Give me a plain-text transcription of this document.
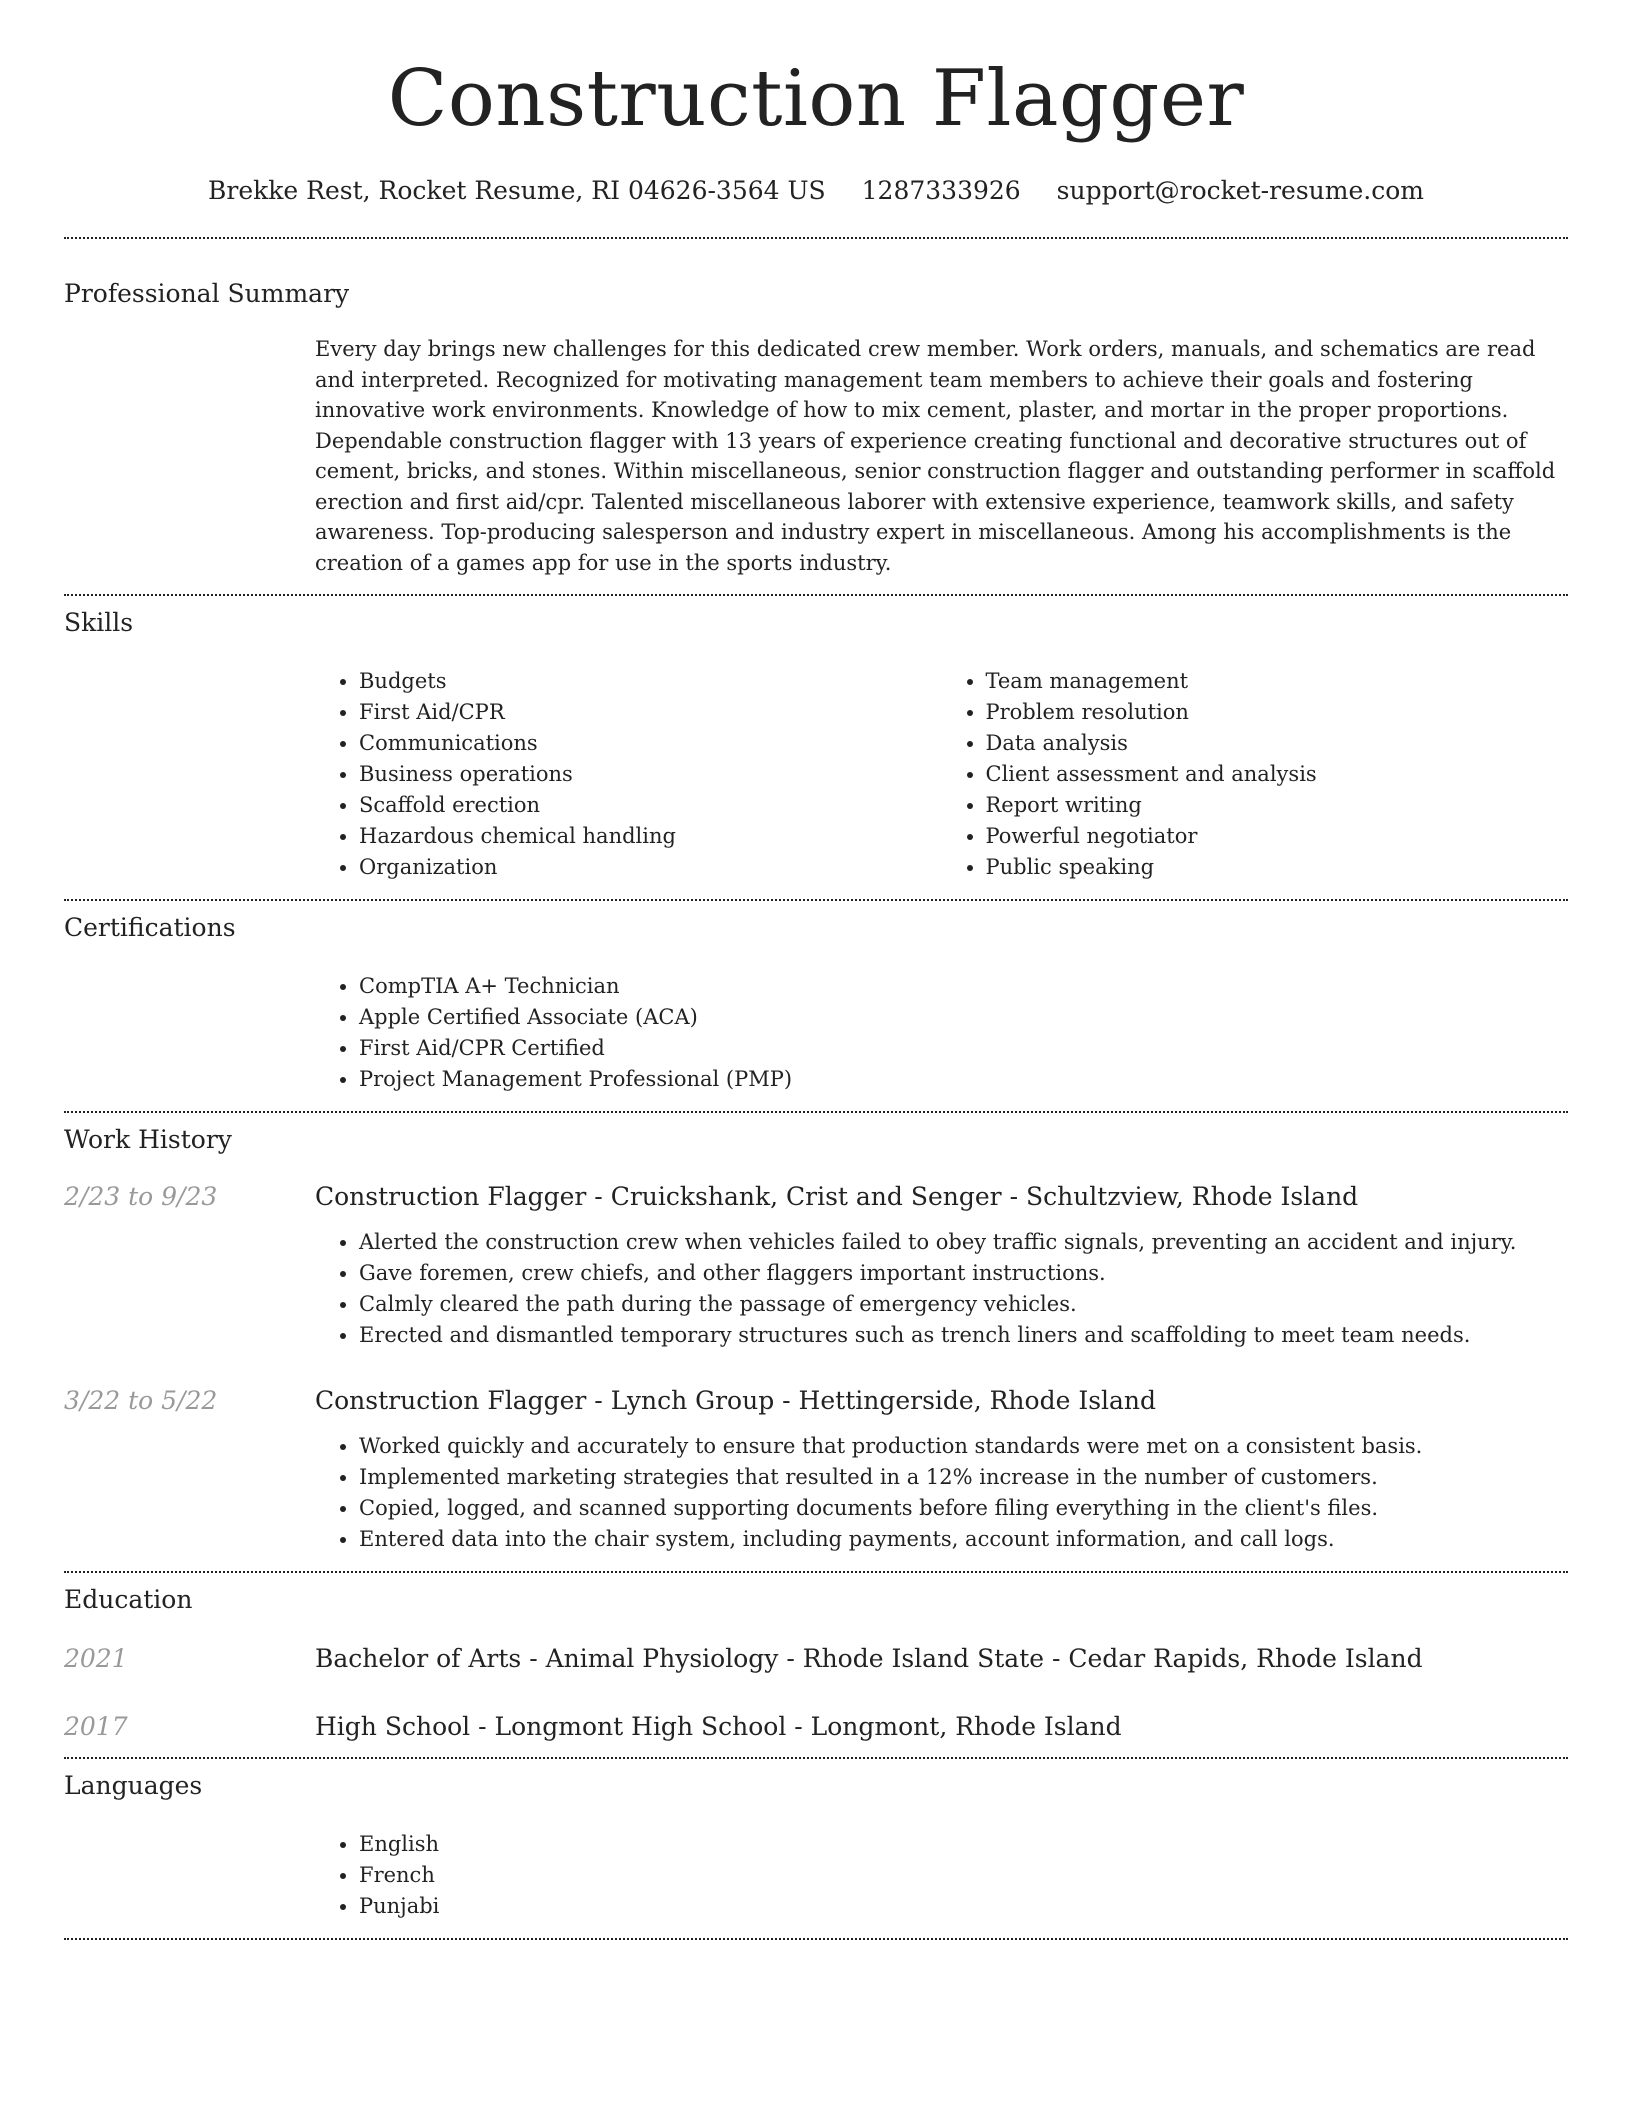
Construction Flagger
Brekke Rest, Rocket Resume, RI 04626-3564 US 1287333926 support@rocket-resume.com
Professional Summary
Every day brings new challenges for this dedicated crew member. Work orders, manuals, and schematics are read and interpreted. Recognized for motivating management team members to achieve their goals and fostering innovative work environments. Knowledge of how to mix cement, plaster, and mortar in the proper proportions. Dependable construction flagger with 13 years of experience creating functional and decorative structures out of cement, bricks, and stones. Within miscellaneous, senior construction flagger and outstanding performer in scaffold erection and first aid/cpr. Talented miscellaneous laborer with extensive experience, teamwork skills, and safety awareness. Top-producing salesperson and industry expert in miscellaneous. Among his accomplishments is the creation of a games app for use in the sports industry.
Skills
• Budgets
• First Aid/CPR
• Communications
• Business operations
• Scaffold erection
• Hazardous chemical handling
• Organization
• Team management
• Problem resolution
• Data analysis
• Client assessment and analysis
• Report writing
• Powerful negotiator
• Public speaking
Certifications
• CompTIA A+ Technician
• Apple Certified Associate (ACA)
• First Aid/CPR Certified
• Project Management Professional (PMP)
Work History
2/23 to 9/23	Construction Flagger - Cruickshank, Crist and Senger - Schultzview, Rhode Island
• Alerted the construction crew when vehicles failed to obey traffic signals, preventing an accident and injury.
• Gave foremen, crew chiefs, and other flaggers important instructions.
• Calmly cleared the path during the passage of emergency vehicles.
• Erected and dismantled temporary structures such as trench liners and scaffolding to meet team needs.
3/22 to 5/22	Construction Flagger - Lynch Group - Hettingerside, Rhode Island
• Worked quickly and accurately to ensure that production standards were met on a consistent basis.
• Implemented marketing strategies that resulted in a 12% increase in the number of customers.
• Copied, logged, and scanned supporting documents before filing everything in the client's files.
• Entered data into the chair system, including payments, account information, and call logs.
Education
2021	Bachelor of Arts - Animal Physiology - Rhode Island State - Cedar Rapids, Rhode Island
2017	High School - Longmont High School - Longmont, Rhode Island
Languages
• English
• French
• Punjabi
